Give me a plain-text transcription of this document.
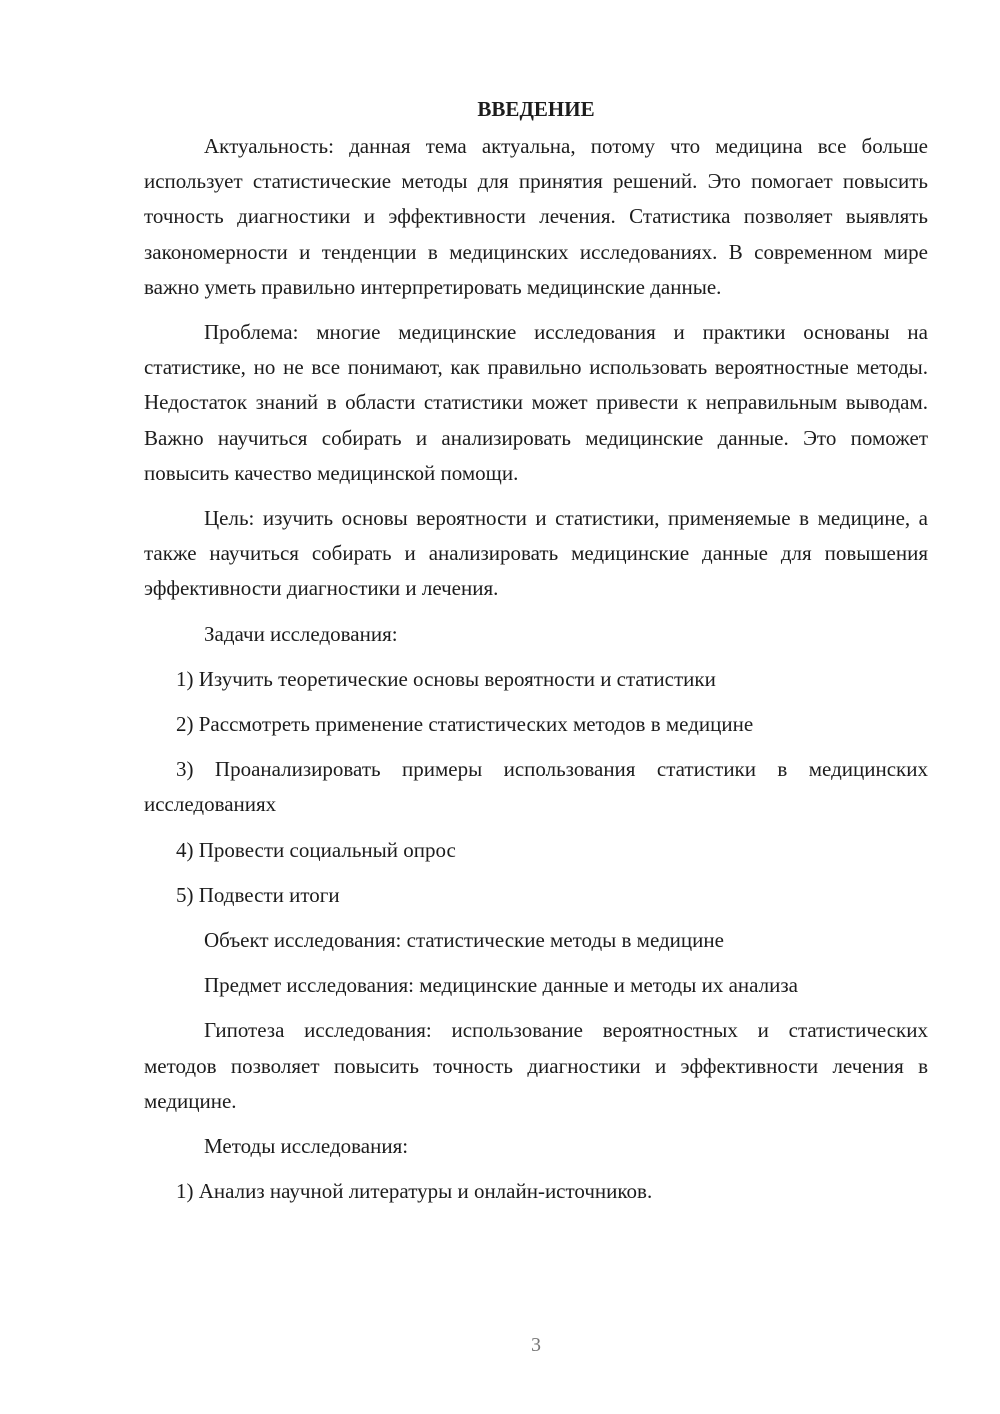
ВВЕДЕНИЕ

Актуальность: данная тема актуальна, потому что медицина все больше использует статистические методы для принятия решений. Это помогает повысить точность диагностики и эффективности лечения. Статистика позволяет выявлять закономерности и тенденции в медицинских исследованиях. В современном мире важно уметь правильно интерпретировать медицинские данные.

Проблема: многие медицинские исследования и практики основаны на статистике, но не все понимают, как правильно использовать вероятностные методы. Недостаток знаний в области статистики может привести к неправильным выводам. Важно научиться собирать и анализировать медицинские данные. Это поможет повысить качество медицинской помощи.

Цель: изучить основы вероятности и статистики, применяемые в медицине, а также научиться собирать и анализировать медицинские данные для повышения эффективности диагностики и лечения.

Задачи исследования:

1) Изучить теоретические основы вероятности и статистики

2) Рассмотреть применение статистических методов в медицине

3) Проанализировать примеры использования статистики в медицинских исследованиях

4) Провести социальный опрос

5) Подвести итоги

Объект исследования: статистические методы в медицине

Предмет исследования: медицинские данные и методы их анализа

Гипотеза исследования: использование вероятностных и статистических методов позволяет повысить точность диагностики и эффективности лечения в медицине.

Методы исследования:

1) Анализ научной литературы и онлайн-источников.

3
